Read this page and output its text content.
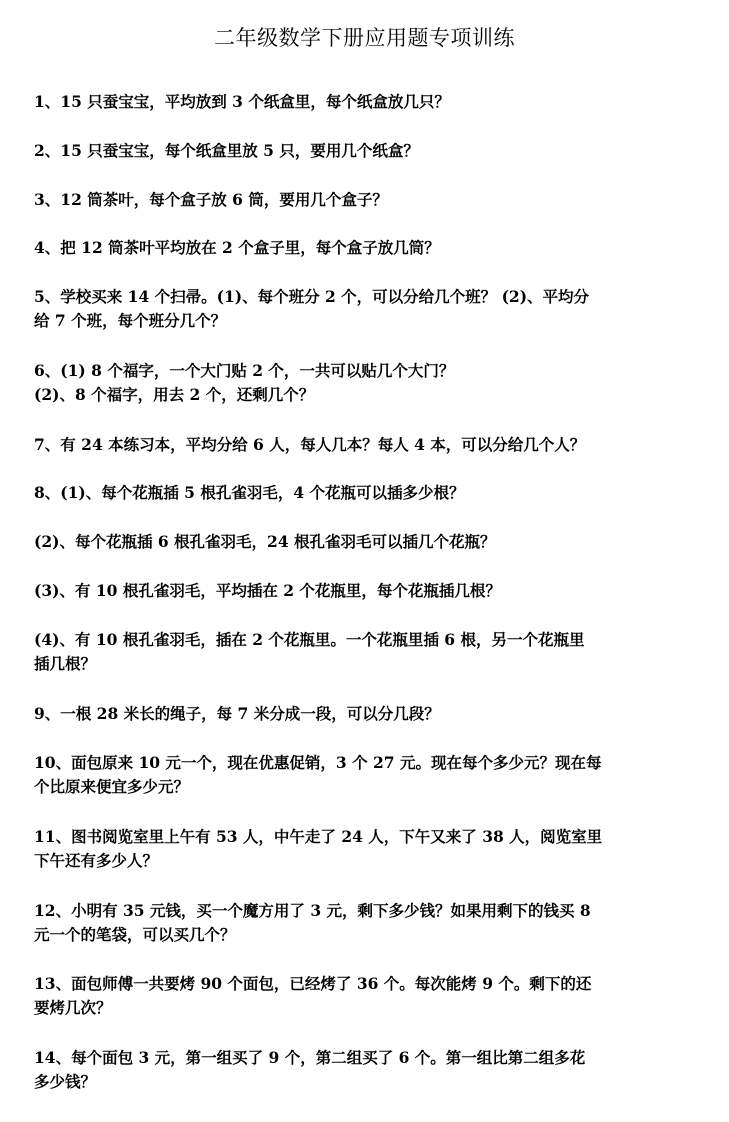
二年级数学下册应用题专项训练
1、15 只蚕宝宝，平均放到 3 个纸盒里，每个纸盒放几只？
2、15 只蚕宝宝，每个纸盒里放 5 只，要用几个纸盒？
3、12 筒茶叶，每个盒子放 6 筒，要用几个盒子？
4、把 12 筒茶叶平均放在 2 个盒子里，每个盒子放几筒？
5、学校买来 14 个扫帚。(1)、每个班分 2 个，可以分给几个班？ (2)、平均分
给 7 个班，每个班分几个？
6、(1) 8 个福字，一个大门贴 2 个，一共可以贴几个大门？
(2)、8 个福字，用去 2 个，还剩几个？
7、有 24 本练习本，平均分给 6 人，每人几本？每人 4 本，可以分给几个人？
8、(1)、每个花瓶插 5 根孔雀羽毛，4 个花瓶可以插多少根？
(2)、每个花瓶插 6 根孔雀羽毛，24 根孔雀羽毛可以插几个花瓶？
(3)、有 10 根孔雀羽毛，平均插在 2 个花瓶里，每个花瓶插几根？
(4)、有 10 根孔雀羽毛，插在 2 个花瓶里。一个花瓶里插 6 根，另一个花瓶里
插几根？
9、一根 28 米长的绳子，每 7 米分成一段，可以分几段？
10、面包原来 10 元一个，现在优惠促销，3 个 27 元。现在每个多少元？现在每
个比原来便宜多少元？
11、图书阅览室里上午有 53 人，中午走了 24 人，下午又来了 38 人，阅览室里
下午还有多少人？
12、小明有 35 元钱，买一个魔方用了 3 元，剩下多少钱？如果用剩下的钱买 8
元一个的笔袋，可以买几个？
13、面包师傅一共要烤 90 个面包，已经烤了 36 个。每次能烤 9 个。剩下的还
要烤几次？
14、每个面包 3 元，第一组买了 9 个，第二组买了 6 个。第一组比第二组多花
多少钱？
